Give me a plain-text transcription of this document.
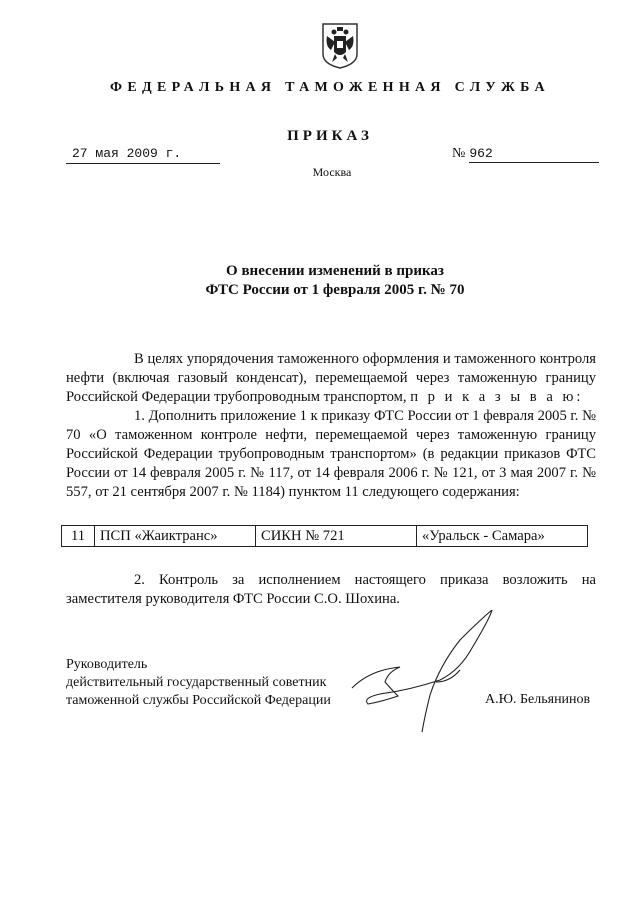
ФЕДЕРАЛЬНАЯ ТАМОЖЕННАЯ СЛУЖБА
ПРИКАЗ
27 мая 2009 г.	№ 962
Москва
О внесении изменений в приказ
ФТС России от 1 февраля 2005 г. № 70
В целях упорядочения таможенного оформления и таможенного контроля нефти (включая газовый конденсат), перемещаемой через таможенную границу Российской Федерации трубопроводным транспортом, п р и к а з ы в а ю:
1. Дополнить приложение 1 к приказу ФТС России от 1 февраля 2005 г. № 70 «О таможенном контроле нефти, перемещаемой через таможенную границу Российской Федерации трубопроводным транспортом» (в редакции приказов ФТС России от 14 февраля 2005 г. № 117, от 14 февраля 2006 г. № 121, от 3 мая 2007 г. № 557, от 21 сентября 2007 г. № 1184) пунктом 11 следующего содержания:
11	ПСП «Жаиктранс»	СИКН № 721	«Уральск - Самара»
2. Контроль за исполнением настоящего приказа возложить на заместителя руководителя ФТС России С.О. Шохина.
Руководитель
действительный государственный советник
таможенной службы Российской Федерации	А.Ю. Бельянинов
